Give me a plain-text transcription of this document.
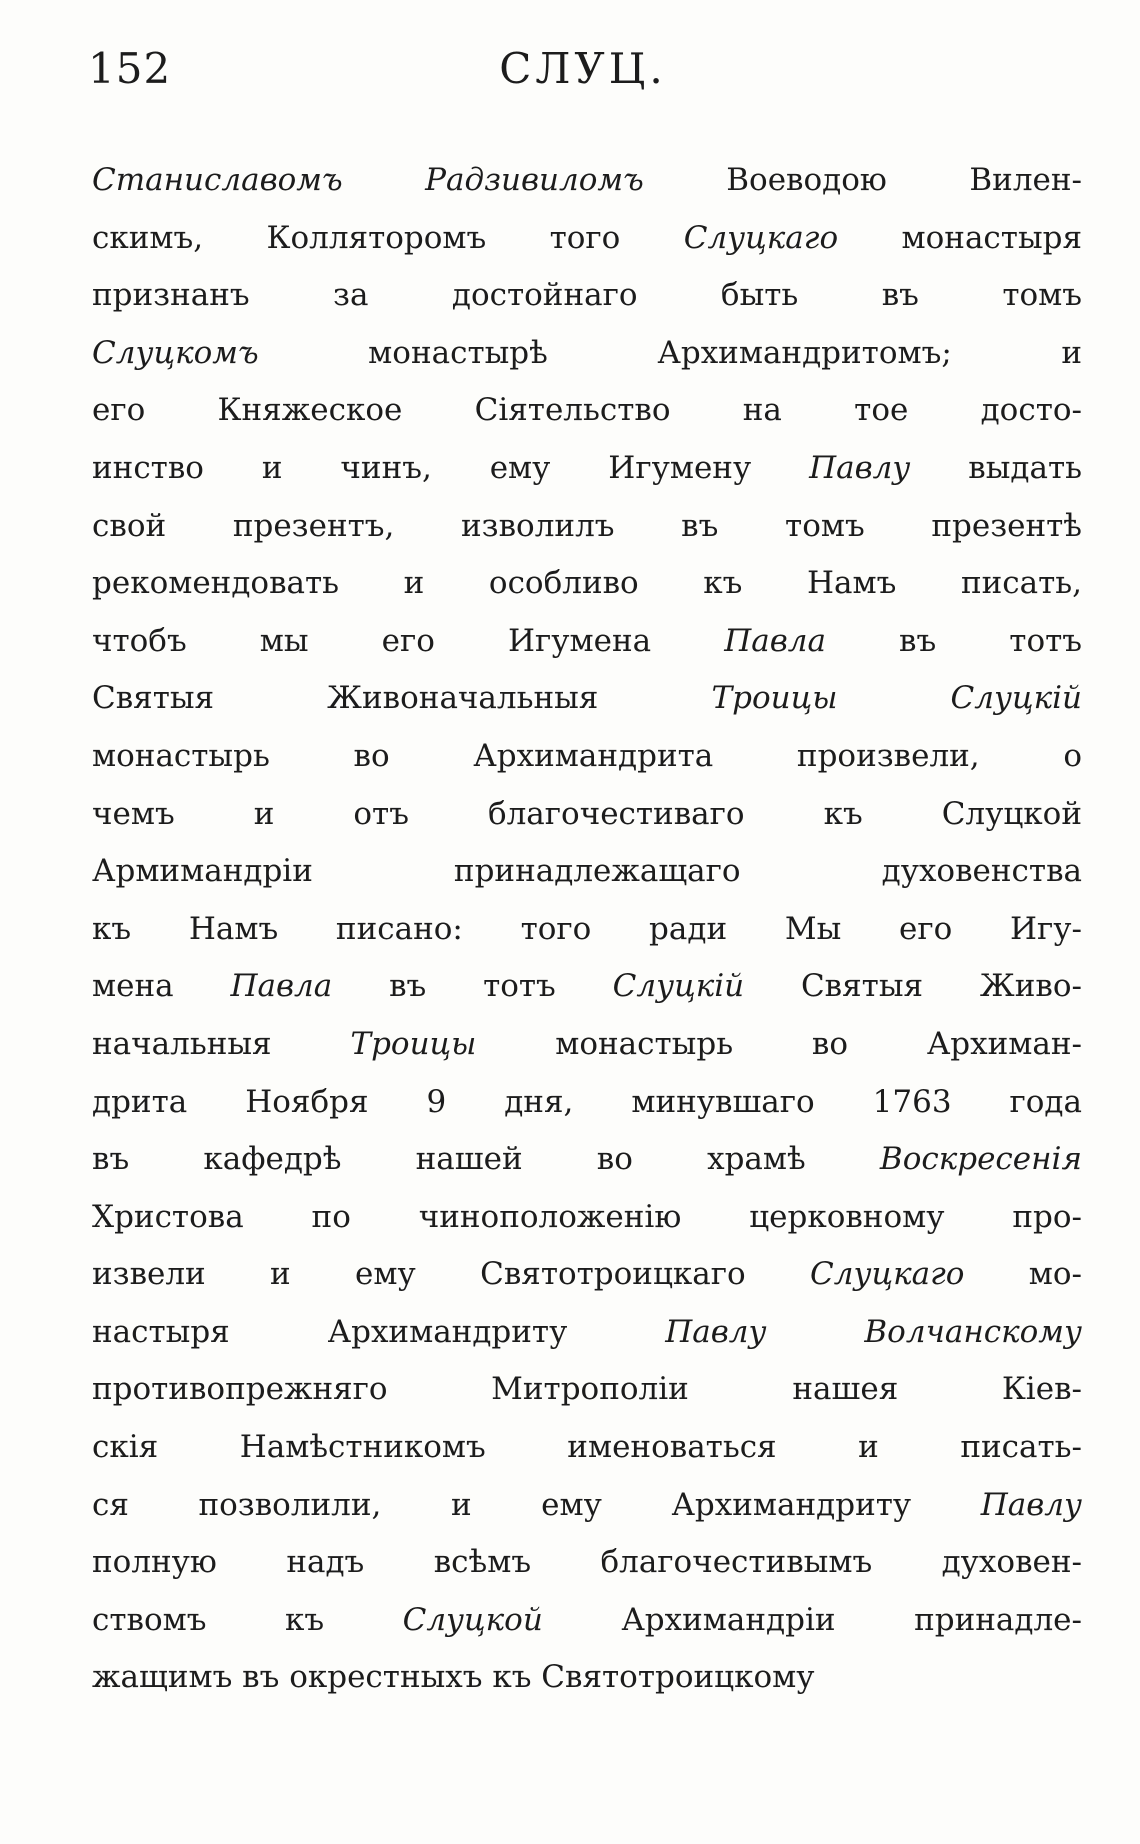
152	СЛУЦ.
Станиславомъ Радзивиломъ Воеводою Вилен-
скимъ, Колляторомъ того Слуцкаго монастыря
признанъ за достойнаго быть въ томъ
Слуцкомъ монастырѣ Архимандритомъ; и
его Княжеское Сіятельство на тое досто-
инство и чинъ, ему Игумену Павлу выдать
свой презентъ, изволилъ въ томъ презентѣ
рекомендовать и особливо къ Намъ писать,
чтобъ мы его Игумена Павла въ тотъ
Святыя Живоначальныя Троицы Слуцкій
монастырь во Архимандрита произвели, о
чемъ и отъ благочестиваго къ Слуцкой
Армимандріи принадлежащаго духовенства
къ Намъ писано: того ради Мы его Игу-
мена Павла въ тотъ Слуцкій Святыя Живо-
начальныя Троицы монастырь во Архиман-
дрита Ноября 9 дня, минувшаго 1763 года
въ кафедрѣ нашей во храмѣ Воскресенія
Христова по чиноположенію церковному про-
извели и ему Святотроицкаго Слуцкаго мо-
настыря Архимандриту Павлу Волчанскому
противопрежняго Митрополіи нашея Кіев-
скія Намѣстникомъ именоваться и писать-
ся позволили, и ему Архимандриту Павлу
полную надъ всѣмъ благочестивымъ духовен-
ствомъ къ Слуцкой Архимандріи принадле-
жащимъ въ окрестныхъ къ Святотроицкому
